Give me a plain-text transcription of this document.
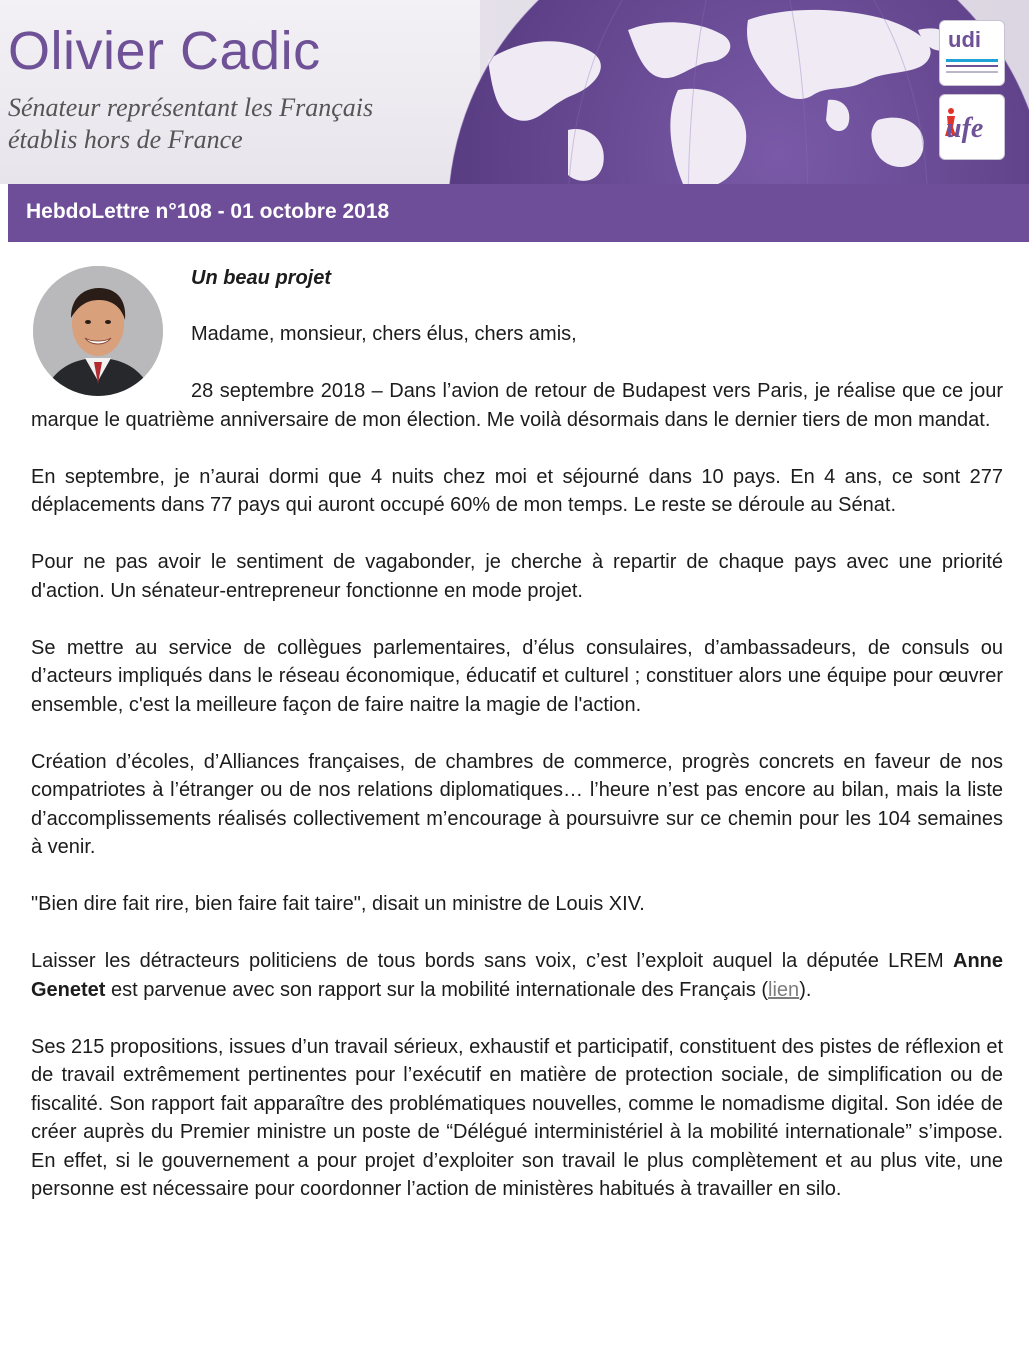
Olivier Cadic
Sénateur représentant les Français
établis hors de France
udi
ufe
HebdoLettre n°108 - 01 octobre 2018
Un beau projet

Madame, monsieur, chers élus, chers amis,

28 septembre 2018 – Dans l’avion de retour de Budapest vers Paris, je réalise que ce jour marque le quatrième anniversaire de mon élection. Me voilà désormais dans le dernier tiers de mon mandat.

En septembre, je n’aurai dormi que 4 nuits chez moi et séjourné dans 10 pays. En 4 ans, ce sont 277 déplacements dans 77 pays qui auront occupé 60% de mon temps. Le reste se déroule au Sénat.

Pour ne pas avoir le sentiment de vagabonder, je cherche à repartir de chaque pays avec une priorité d'action. Un sénateur-entrepreneur fonctionne en mode projet.

Se mettre au service de collègues parlementaires, d’élus consulaires, d’ambassadeurs, de consuls ou d’acteurs impliqués dans le réseau économique, éducatif et culturel ; constituer alors une équipe pour œuvrer ensemble, c'est la meilleure façon de faire naitre la magie de l'action.

Création d’écoles, d’Alliances françaises, de chambres de commerce, progrès concrets en faveur de nos compatriotes à l’étranger ou de nos relations diplomatiques… l’heure n’est pas encore au bilan, mais la liste d’accomplissements réalisés collectivement m’encourage à poursuivre sur ce chemin pour les 104 semaines à venir.

"Bien dire fait rire, bien faire fait taire", disait un ministre de Louis XIV.

Laisser les détracteurs politiciens de tous bords sans voix, c’est l’exploit auquel la députée LREM Anne Genetet est parvenue avec son rapport sur la mobilité internationale des Français (lien).

Ses 215 propositions, issues d’un travail sérieux, exhaustif et participatif, constituent des pistes de réflexion et de travail extrêmement pertinentes pour l’exécutif en matière de protection sociale, de simplification ou de fiscalité. Son rapport fait apparaître des problématiques nouvelles, comme le nomadisme digital. Son idée de créer auprès du Premier ministre un poste de “Délégué interministériel à la mobilité internationale” s’impose. En effet, si le gouvernement a pour projet d’exploiter son travail le plus complètement et au plus vite, une personne est nécessaire pour coordonner l’action de ministères habitués à travailler en silo.
